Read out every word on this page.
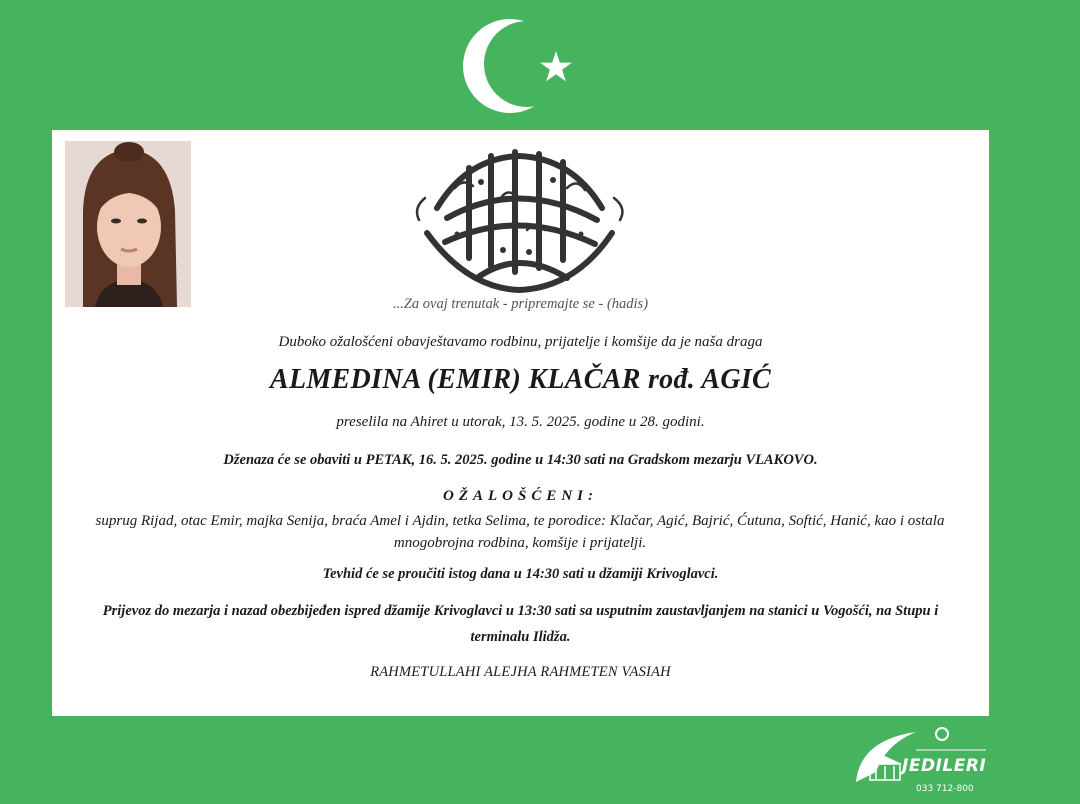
...Za ovaj trenutak - pripremajte se - (hadis)
Duboko ožalošćeni obavještavamo rodbinu, prijatelje i komšije da je naša draga
ALMEDINA (EMIR) KLAČAR rođ. AGIĆ
preselila na Ahiret u utorak, 13. 5. 2025. godine u 28. godini.
Dženaza će se obaviti u PETAK, 16. 5. 2025. godine u 14:30 sati na Gradskom mezarju VLAKOVO.
OŽALOŠĆENI:
suprug Rijad, otac Emir, majka Senija, braća Amel i Ajdin, tetka Selima, te porodice: Klačar, Agić, Bajrić, Ćutuna, Softić, Hanić, kao i ostala mnogobrojna rodbina, komšije i prijatelji.
Tevhid će se proučiti istog dana u 14:30 sati u džamiji Krivoglavci.
Prijevoz do mezarja i nazad obezbijeđen ispred džamije Krivoglavci u 13:30 sati sa usputnim zaustavljanjem na stanici u Vogošći, na Stupu i terminalu Ilidža.
RAHMETULLAHI ALEJHA RAHMETEN VASIAH
JEDILERI
033 712-800
